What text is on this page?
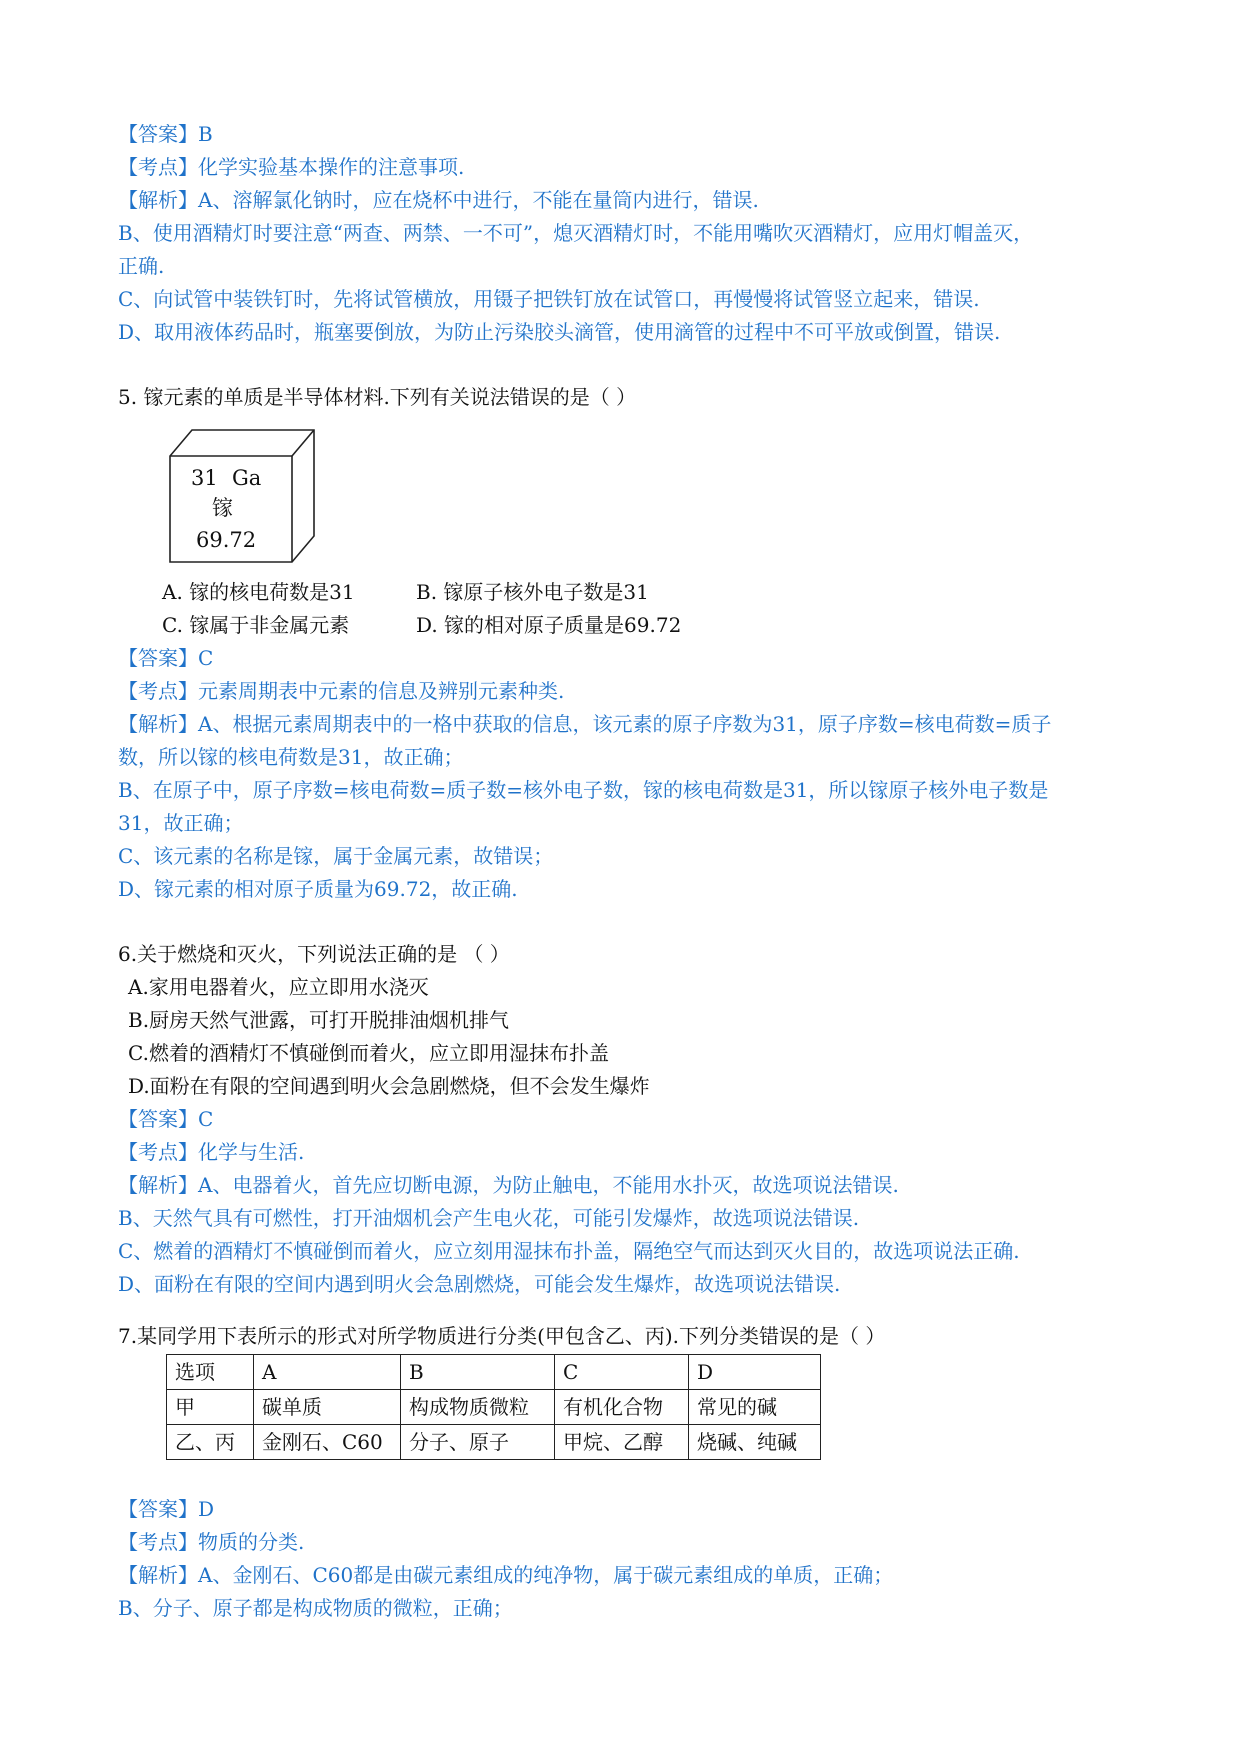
【答案】B
【考点】化学实验基本操作的注意事项.
【解析】A、溶解氯化钠时，应在烧杯中进行，不能在量筒内进行，错误.
B、使用酒精灯时要注意“两查、两禁、一不可”，熄灭酒精灯时，不能用嘴吹灭酒精灯，应用灯帽盖灭，
正确.
C、向试管中装铁钉时，先将试管横放，用镊子把铁钉放在试管口，再慢慢将试管竖立起来，错误.
D、取用液体药品时，瓶塞要倒放，为防止污染胶头滴管，使用滴管的过程中不可平放或倒置，错误.
5. 镓元素的单质是半导体材料.下列有关说法错误的是（ ）
31 Ga
镓
69.72
A. 镓的核电荷数是31	B. 镓原子核外电子数是31
C. 镓属于非金属元素	D. 镓的相对原子质量是69.72
【答案】C
【考点】元素周期表中元素的信息及辨别元素种类.
【解析】A、根据元素周期表中的一格中获取的信息，该元素的原子序数为31，原子序数=核电荷数=质子
数，所以镓的核电荷数是31，故正确；
B、在原子中，原子序数=核电荷数=质子数=核外电子数，镓的核电荷数是31，所以镓原子核外电子数是
31，故正确；
C、该元素的名称是镓，属于金属元素，故错误；
D、镓元素的相对原子质量为69.72，故正确.
6.关于燃烧和灭火，下列说法正确的是 （ ）
A.家用电器着火，应立即用水浇灭
B.厨房天然气泄露，可打开脱排油烟机排气
C.燃着的酒精灯不慎碰倒而着火，应立即用湿抹布扑盖
D.面粉在有限的空间遇到明火会急剧燃烧，但不会发生爆炸
【答案】C
【考点】化学与生活.
【解析】A、电器着火，首先应切断电源，为防止触电，不能用水扑灭，故选项说法错误.
B、天然气具有可燃性，打开油烟机会产生电火花，可能引发爆炸，故选项说法错误.
C、燃着的酒精灯不慎碰倒而着火，应立刻用湿抹布扑盖，隔绝空气而达到灭火目的，故选项说法正确.
D、面粉在有限的空间内遇到明火会急剧燃烧，可能会发生爆炸，故选项说法错误.
7.某同学用下表所示的形式对所学物质进行分类(甲包含乙、丙).下列分类错误的是（ ）
选项	A	B	C	D
甲	碳单质	构成物质微粒	有机化合物	常见的碱
乙、丙	金刚石、C60	分子、原子	甲烷、乙醇	烧碱、纯碱
【答案】D
【考点】物质的分类.
【解析】A、金刚石、C60都是由碳元素组成的纯净物，属于碳元素组成的单质，正确；
B、分子、原子都是构成物质的微粒，正确；
